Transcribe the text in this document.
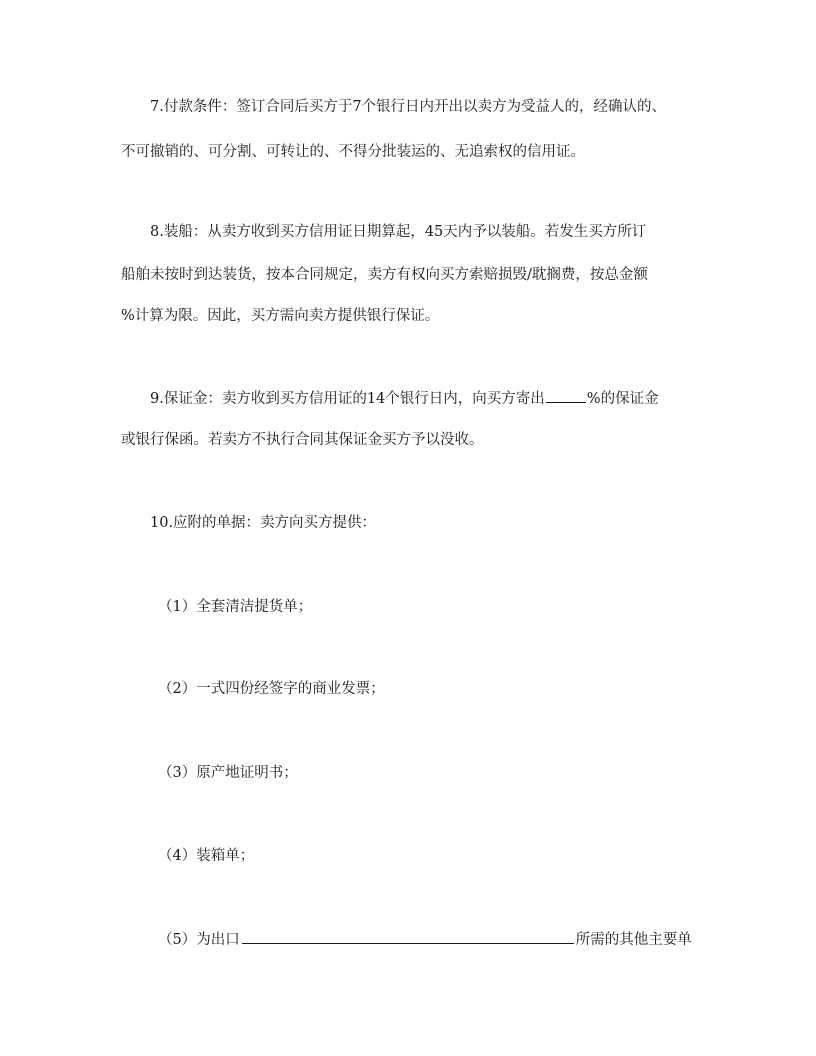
7.付款条件：签订合同后买方于7个银行日内开出以卖方为受益人的，经确认的、
不可撤销的、可分割、可转让的、不得分批装运的、无追索权的信用证。
8.装船：从卖方收到买方信用证日期算起，45天内予以装船。若发生买方所订
船舶未按时到达装货，按本合同规定，卖方有权向买方索赔损毁/耽搁费，按总金额
%计算为限。因此，买方需向卖方提供银行保证。
9.保证金：卖方收到买方信用证的14个银行日内，向买方寄出	%的保证金
或银行保函。若卖方不执行合同其保证金买方予以没收。
10.应附的单据：卖方向买方提供：
（1）全套清洁提货单；
（2）一式四份经签字的商业发票；
（3）原产地证明书；
（4）装箱单；
（5）为出口	所需的其他主要单
